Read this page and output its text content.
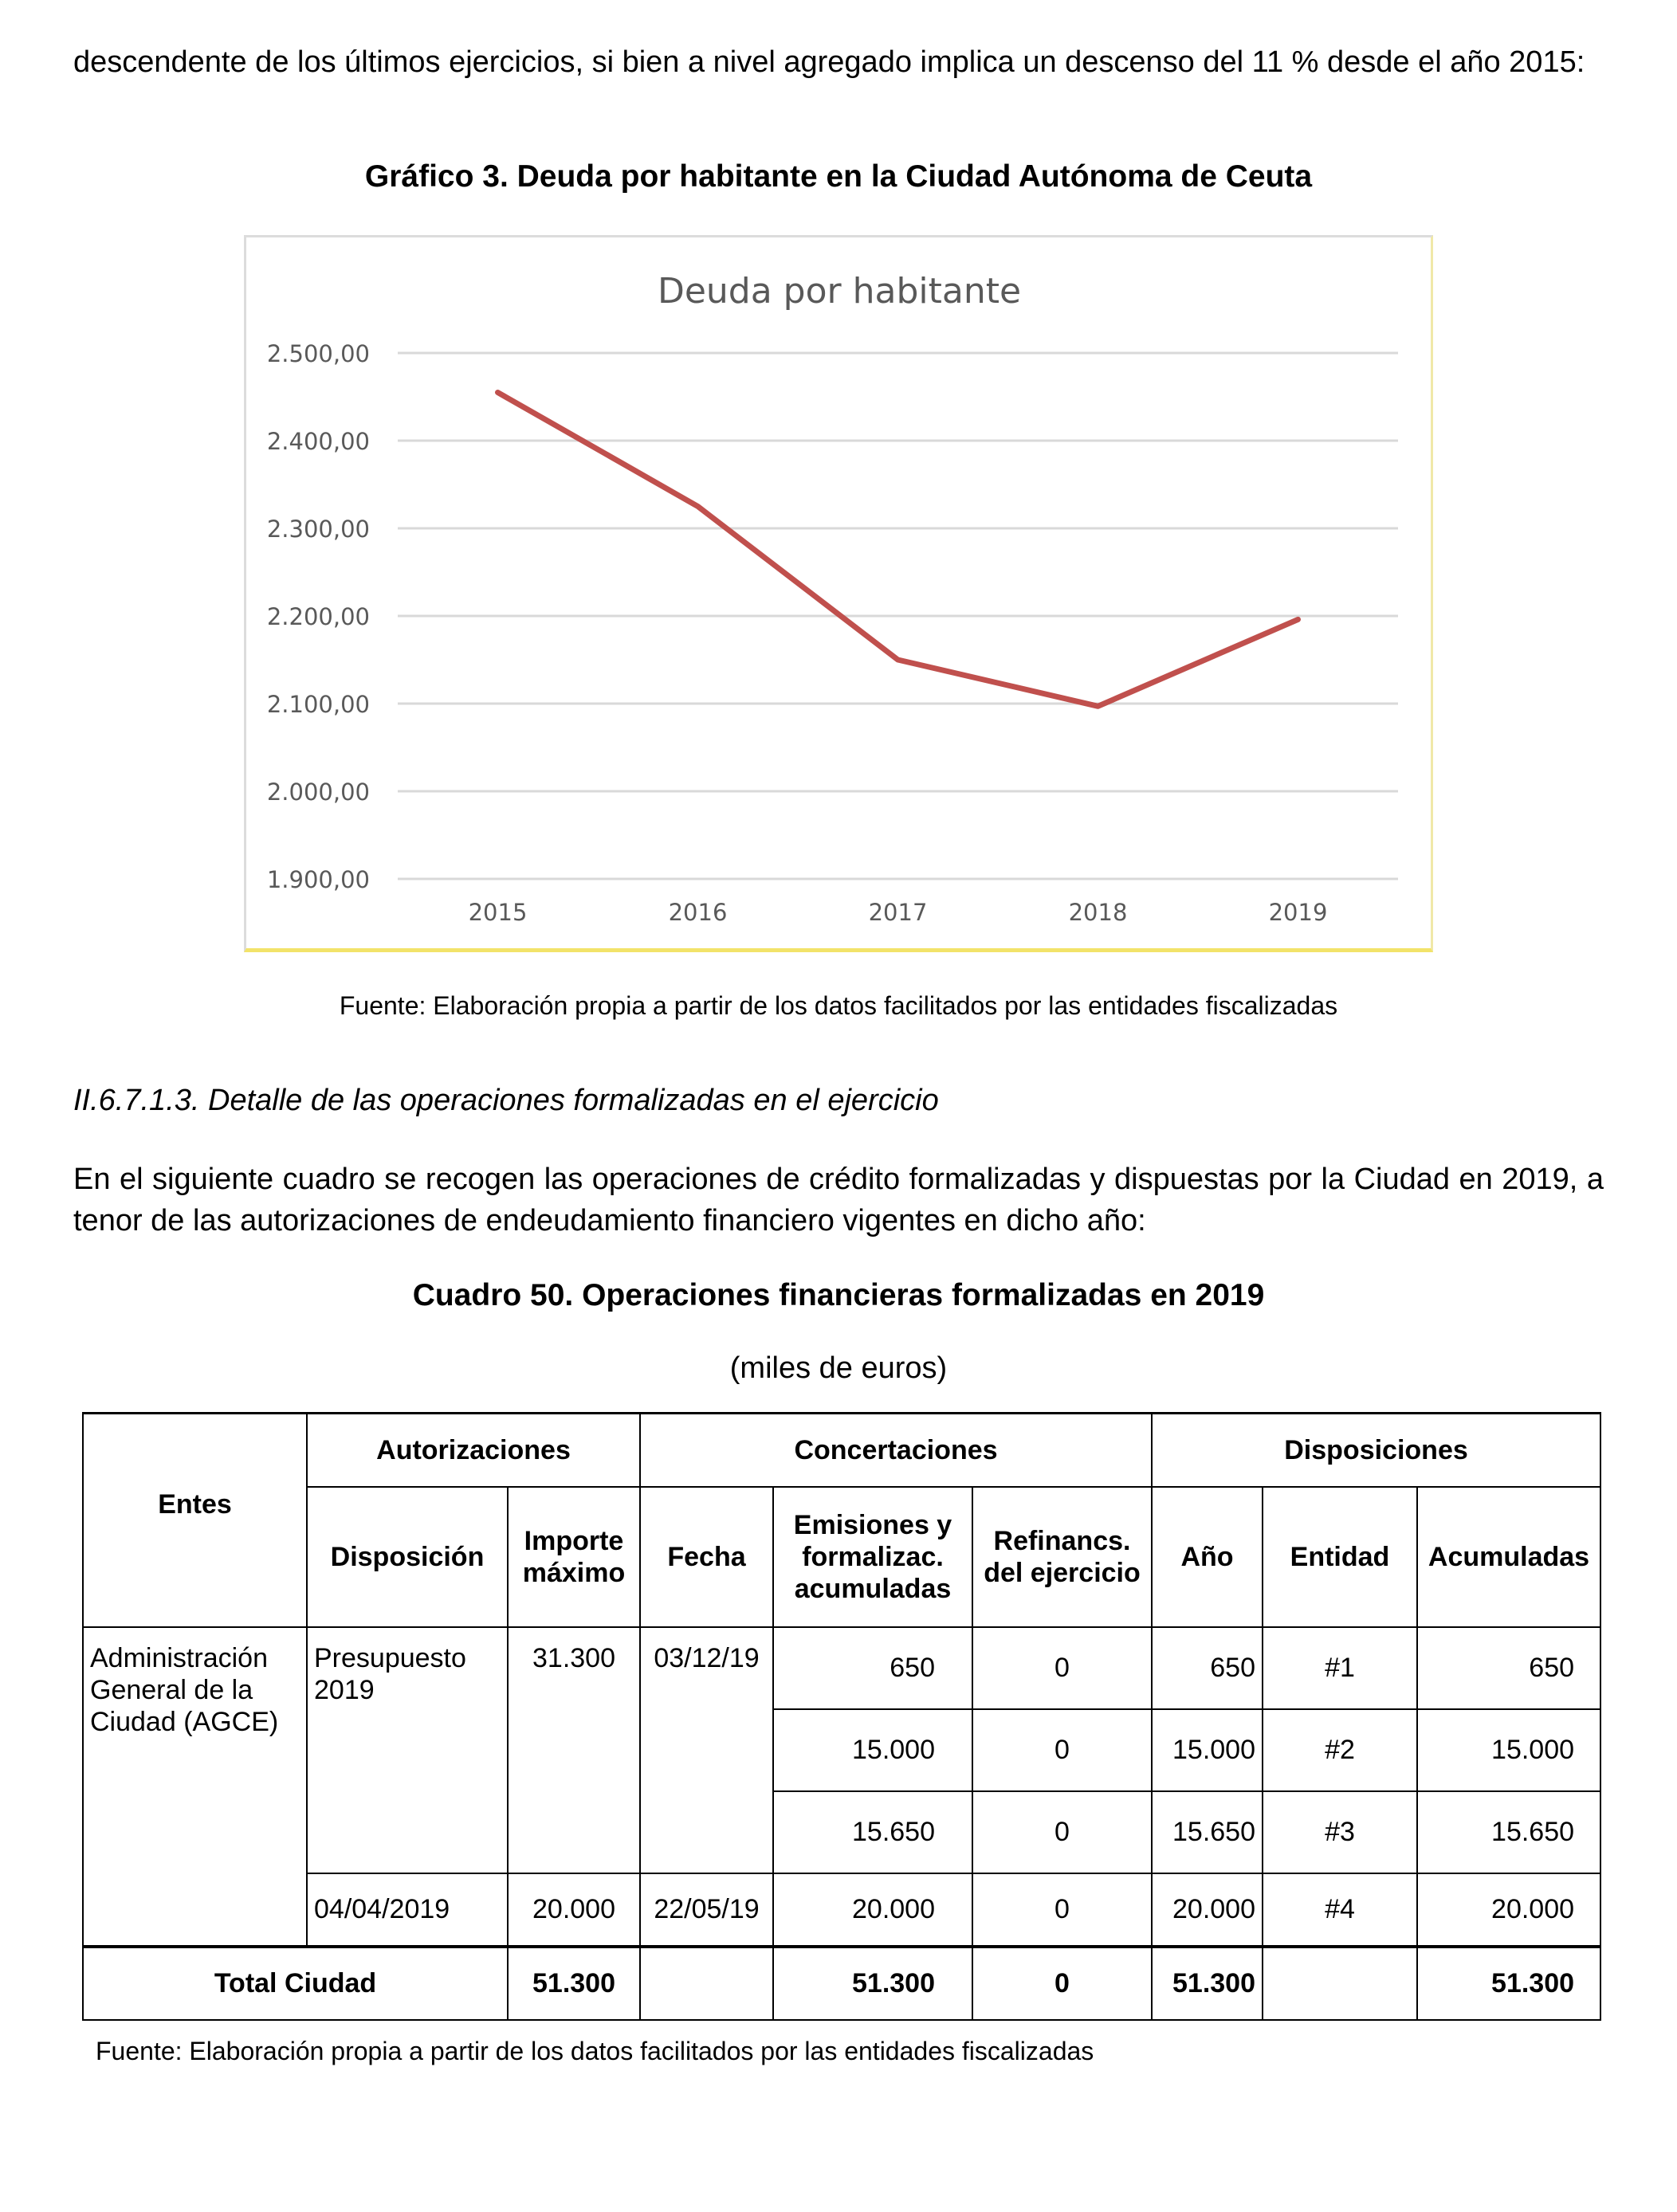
descendente de los últimos ejercicios, si bien a nivel agregado implica un descenso del 11 % desde el año 2015:

Gráfico 3. Deuda por habitante en la Ciudad Autónoma de Ceuta

Deuda por habitante
1.900,00
2.000,00
2.100,00
2.200,00
2.300,00
2.400,00
2.500,00
2015	2016	2017	2018	2019

Fuente: Elaboración propia a partir de los datos facilitados por las entidades fiscalizadas

II.6.7.1.3. Detalle de las operaciones formalizadas en el ejercicio

En el siguiente cuadro se recogen las operaciones de crédito formalizadas y dispuestas por la Ciudad en 2019, a tenor de las autorizaciones de endeudamiento financiero vigentes en dicho año:

Cuadro 50. Operaciones financieras formalizadas en 2019

(miles de euros)

Entes	Autorizaciones		Concertaciones			Disposiciones		
	Disposición	Importe máximo	Fecha	Emisiones y formalizac. acumuladas	Refinancs. del ejercicio	Año	Entidad	Acumuladas
Administración General de la Ciudad (AGCE)	Presupuesto 2019	31.300	03/12/19	650	0	650	#1	650
				15.000	0	15.000	#2	15.000
				15.650	0	15.650	#3	15.650
	04/04/2019	20.000	22/05/19	20.000	0	20.000	#4	20.000
Total Ciudad		51.300		51.300	0	51.300		51.300

Fuente: Elaboración propia a partir de los datos facilitados por las entidades fiscalizadas
